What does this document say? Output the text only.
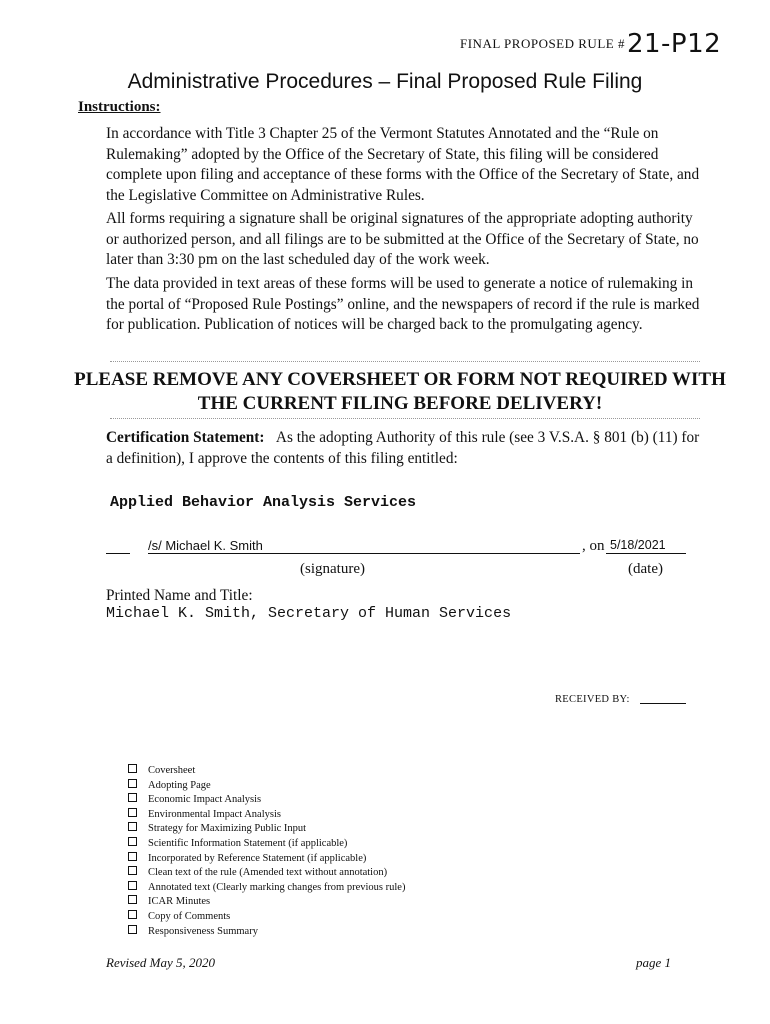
FINAL PROPOSED RULE #21-P12
Administrative Procedures – Final Proposed Rule Filing
Instructions:
In accordance with Title 3 Chapter 25 of the Vermont Statutes Annotated and the “Rule on Rulemaking” adopted by the Office of the Secretary of State, this filing will be considered complete upon filing and acceptance of these forms with the Office of the Secretary of State, and the Legislative Committee on Administrative Rules.
All forms requiring a signature shall be original signatures of the appropriate adopting authority or authorized person, and all filings are to be submitted at the Office of the Secretary of State, no later than 3:30 pm on the last scheduled day of the work week.
The data provided in text areas of these forms will be used to generate a notice of rulemaking in the portal of “Proposed Rule Postings” online, and the newspapers of record if the rule is marked for publication. Publication of notices will be charged back to the promulgating agency.
PLEASE REMOVE ANY COVERSHEET OR FORM NOT REQUIRED WITH THE CURRENT FILING BEFORE DELIVERY!
Certification Statement: As the adopting Authority of this rule (see 3 V.S.A. § 801 (b) (11) for a definition), I approve the contents of this filing entitled:
Applied Behavior Analysis Services
/s/ Michael K. Smith	, on 5/18/2021
(signature)	(date)
Printed Name and Title:
Michael K. Smith, Secretary of Human Services
RECEIVED BY:
Coversheet
Adopting Page
Economic Impact Analysis
Environmental Impact Analysis
Strategy for Maximizing Public Input
Scientific Information Statement (if applicable)
Incorporated by Reference Statement (if applicable)
Clean text of the rule (Amended text without annotation)
Annotated text (Clearly marking changes from previous rule)
ICAR Minutes
Copy of Comments
Responsiveness Summary
Revised May 5, 2020	page 1
